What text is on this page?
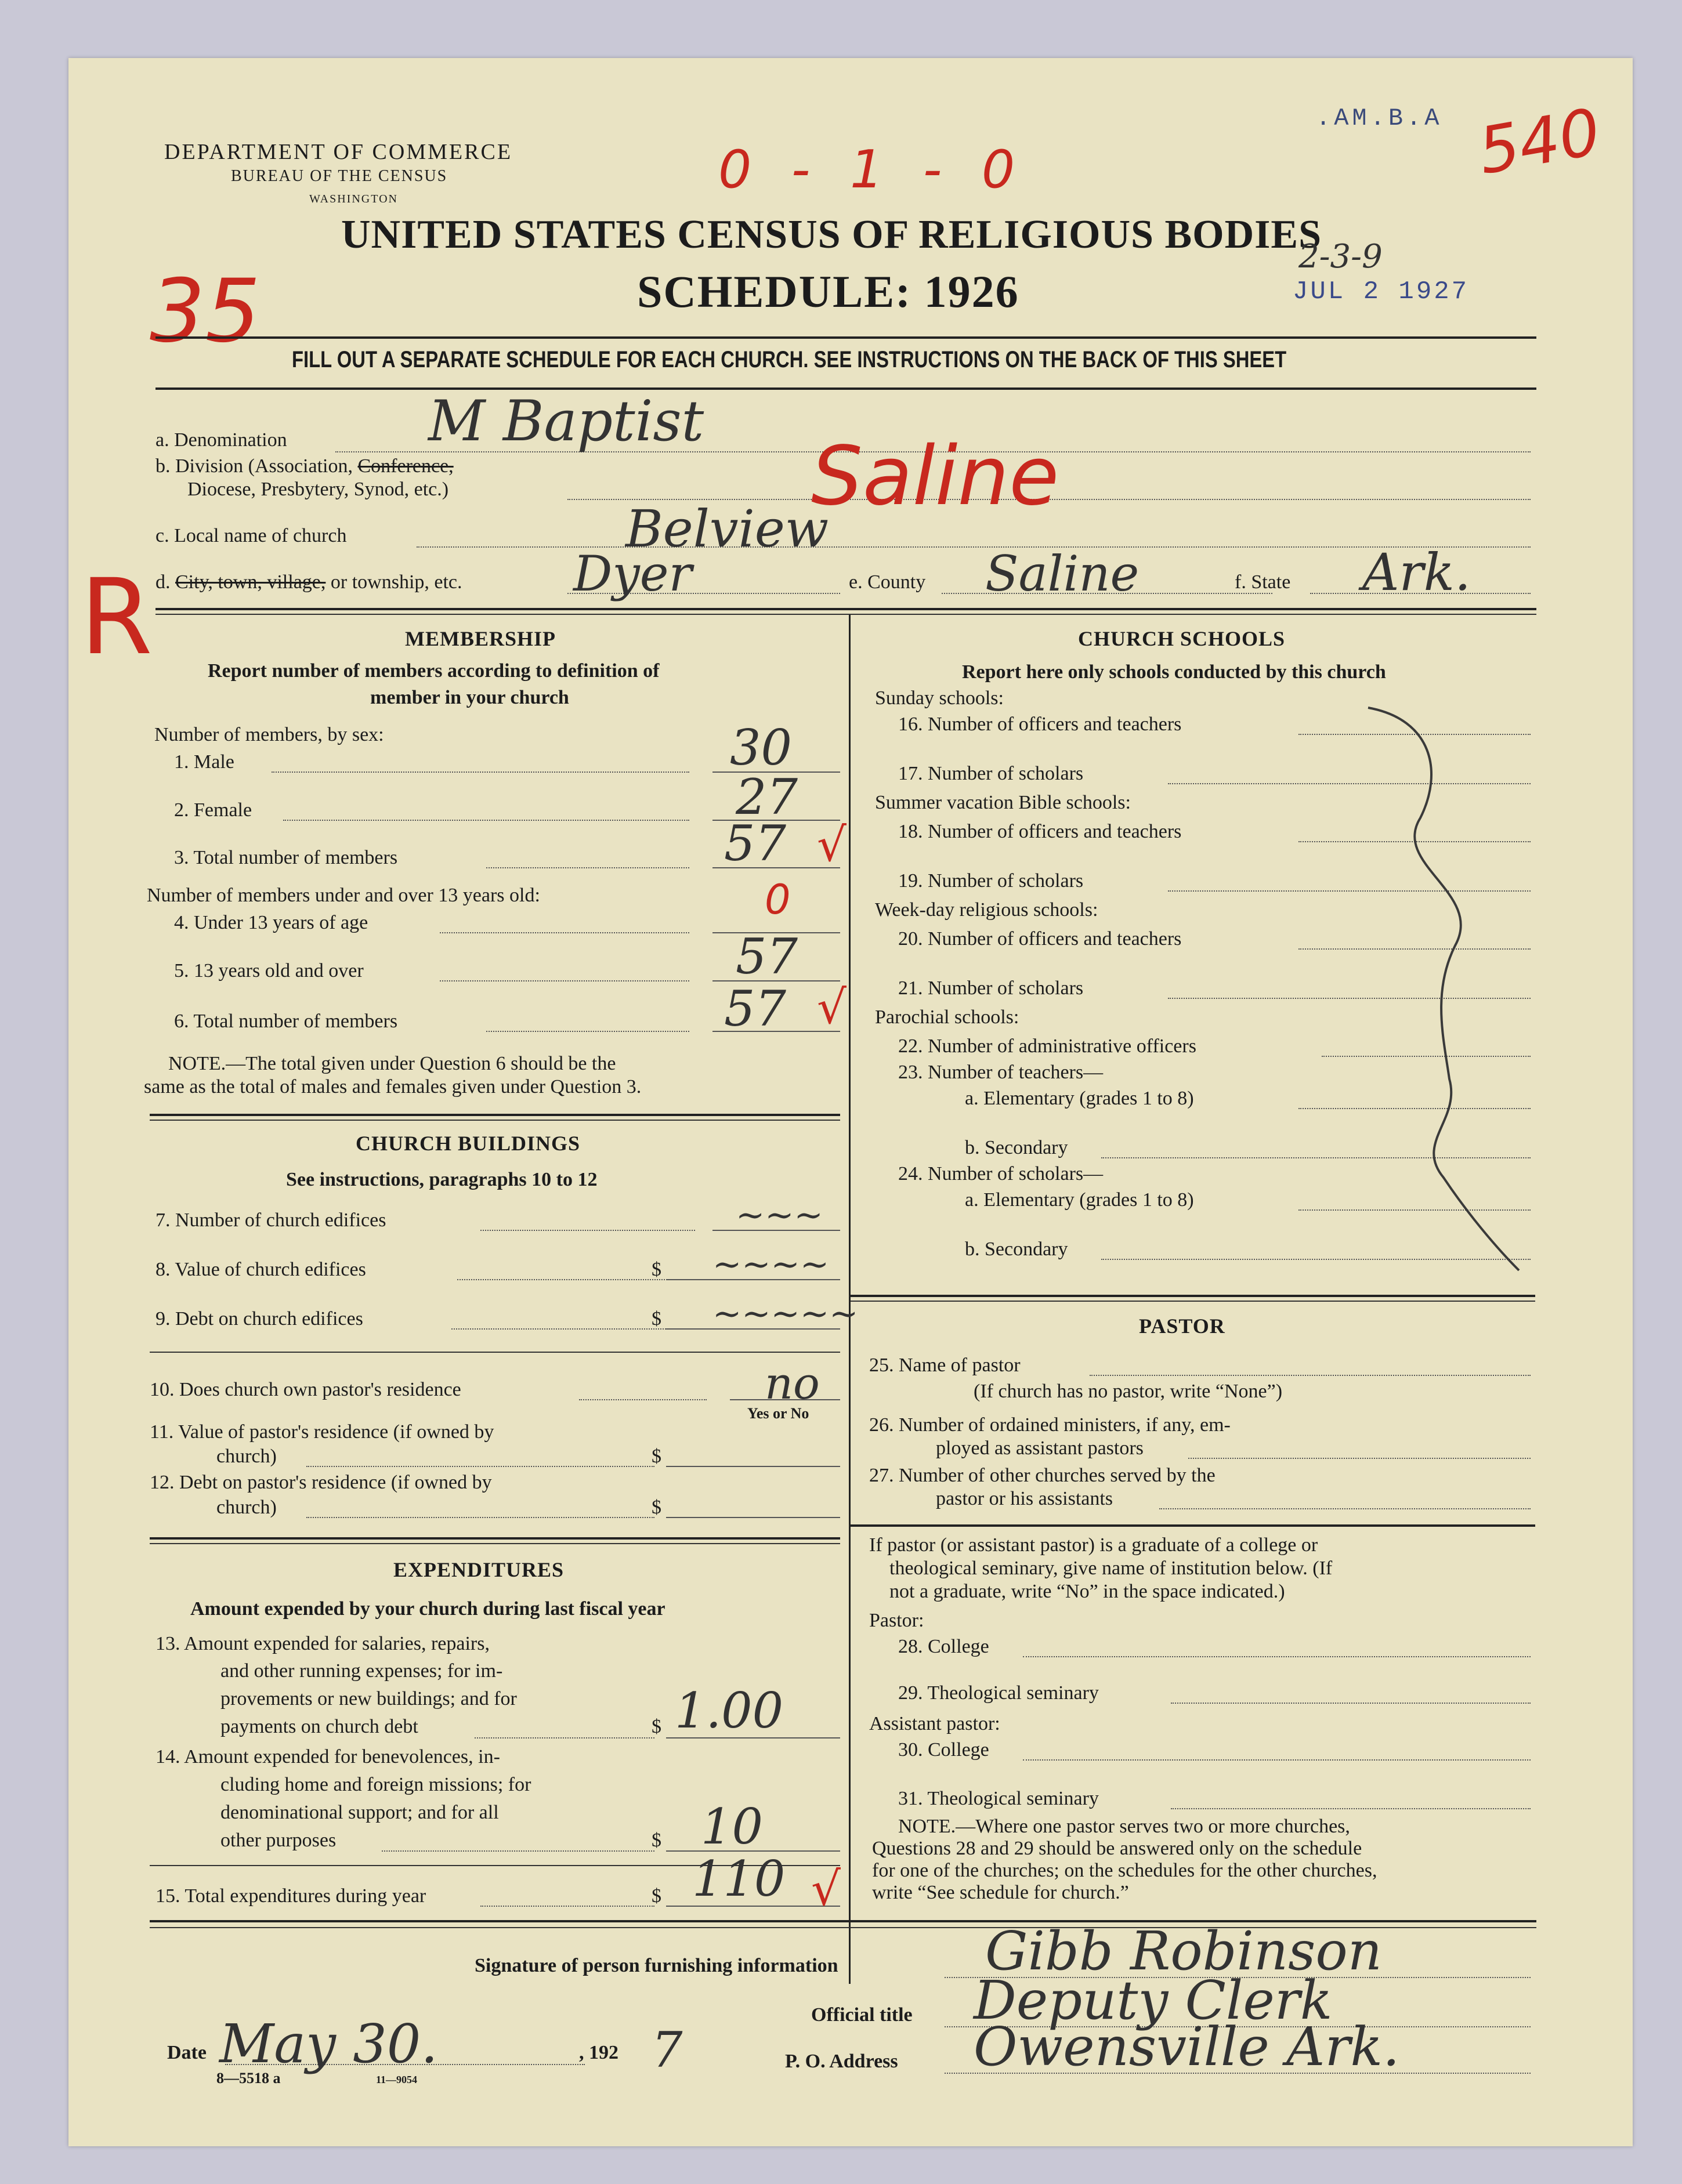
DEPARTMENT OF COMMERCE
BUREAU OF THE CENSUS
WASHINGTON
.AM.B.A 540
0 - 1 - 0
UNITED STATES CENSUS OF RELIGIOUS BODIES
SCHEDULE: 1926
2-3-9
JUL 2 1927
35 FILL OUT A SEPARATE SCHEDULE FOR EACH CHURCH. SEE INSTRUCTIONS ON THE BACK OF THIS SHEET
a. Denomination	M Baptist
b. Division (Association, Conference,
Diocese, Presbytery, Synod, etc.)	Saline
c. Local name of church	Belview
R d. City, town, village, or township, etc. Dyer	e. County Saline	f. State Ark.
MEMBERSHIP
Report number of members according to definition of
member in your church
Number of members, by sex:
1. Male	30
2. Female	27
3. Total number of members	57 √
Number of members under and over 13 years old:
4. Under 13 years of age	0
5. 13 years old and over	57
6. Total number of members	57 √
NOTE.—The total given under Question 6 should be the
same as the total of males and females given under Question 3.
CHURCH BUILDINGS
See instructions, paragraphs 10 to 12
7. Number of church edifices	~~~
8. Value of church edifices	$ ~~~~
9. Debt on church edifices	$ ~~~~~
10. Does church own pastor's residence	no
Yes or No
11. Value of pastor's residence (if owned by
church)	$
12. Debt on pastor's residence (if owned by
church)	$
EXPENDITURES
Amount expended by your church during last fiscal year
13. Amount expended for salaries, repairs,
and other running expenses; for im-
provements or new buildings; and for
payments on church debt	$ 1.00
14. Amount expended for benevolences, in-
cluding home and foreign missions; for
denominational support; and for all
other purposes	$ 10
15. Total expenditures during year	$ 110 √
CHURCH SCHOOLS
Report here only schools conducted by this church
Sunday schools:
16. Number of officers and teachers
17. Number of scholars
Summer vacation Bible schools:
18. Number of officers and teachers
19. Number of scholars
Week-day religious schools:
20. Number of officers and teachers
21. Number of scholars
Parochial schools:
22. Number of administrative officers
23. Number of teachers—
a. Elementary (grades 1 to 8)
b. Secondary
24. Number of scholars—
a. Elementary (grades 1 to 8)
b. Secondary
PASTOR
25. Name of pastor
(If church has no pastor, write “None”)
26. Number of ordained ministers, if any, em-
ployed as assistant pastors
27. Number of other churches served by the
pastor or his assistants
If pastor (or assistant pastor) is a graduate of a college or
theological seminary, give name of institution below. (If
not a graduate, write “No” in the space indicated.)
Pastor:
28. College
29. Theological seminary
Assistant pastor:
30. College
31. Theological seminary
NOTE.—Where one pastor serves two or more churches,
Questions 28 and 29 should be answered only on the schedule
for one of the churches; on the schedules for the other churches,
write “See schedule for church.”
Signature of person furnishing information	Gibb Robinson
Official title Deputy Clerk
Date May 30.	, 192 7	P. O. Address Owensville Ark.
8—5518 a	11—9054
